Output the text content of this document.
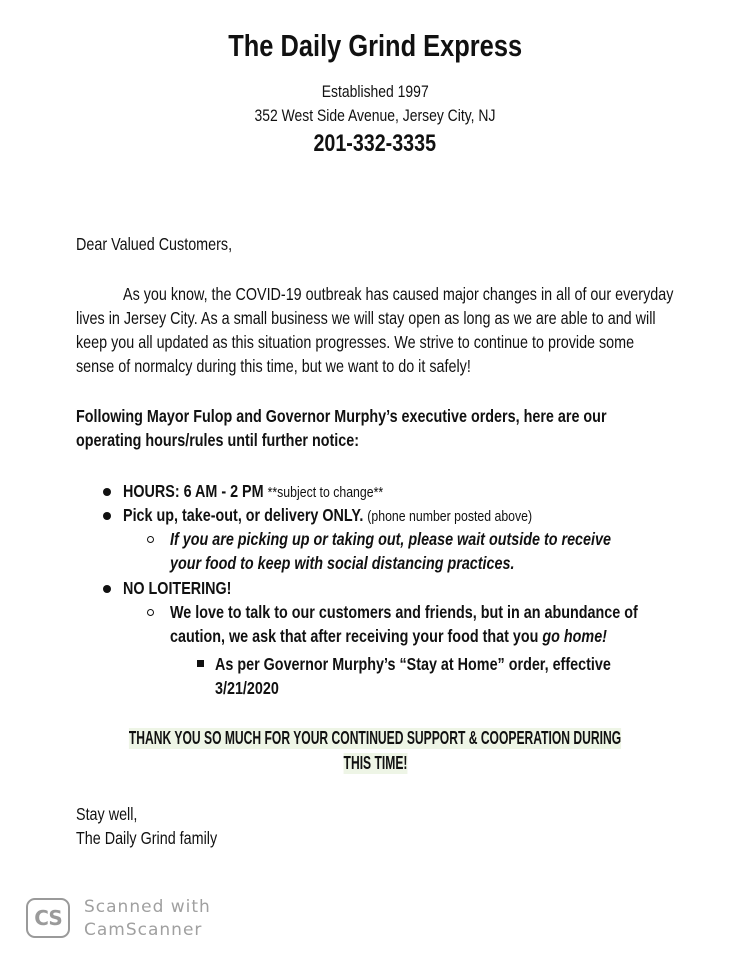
The Daily Grind Express
Established 1997
352 West Side Avenue, Jersey City, NJ
201-332-3335
Dear Valued Customers,
As you know, the COVID-19 outbreak has caused major changes in all of our everyday
lives in Jersey City. As a small business we will stay open as long as we are able to and will
keep you all updated as this situation progresses. We strive to continue to provide some
sense of normalcy during this time, but we want to do it safely!
Following Mayor Fulop and Governor Murphy’s executive orders, here are our
operating hours/rules until further notice:
HOURS: 6 AM - 2 PM **subject to change**
Pick up, take-out, or delivery ONLY. (phone number posted above)
If you are picking up or taking out, please wait outside to receive
your food to keep with social distancing practices.
NO LOITERING!
We love to talk to our customers and friends, but in an abundance of
caution, we ask that after receiving your food that you go home!
As per Governor Murphy’s “Stay at Home” order, effective
3/21/2020
THANK YOU SO MUCH FOR YOUR CONTINUED SUPPORT & COOPERATION DURING
THIS TIME!
Stay well,
The Daily Grind family
CS	Scanned with
CamScanner
